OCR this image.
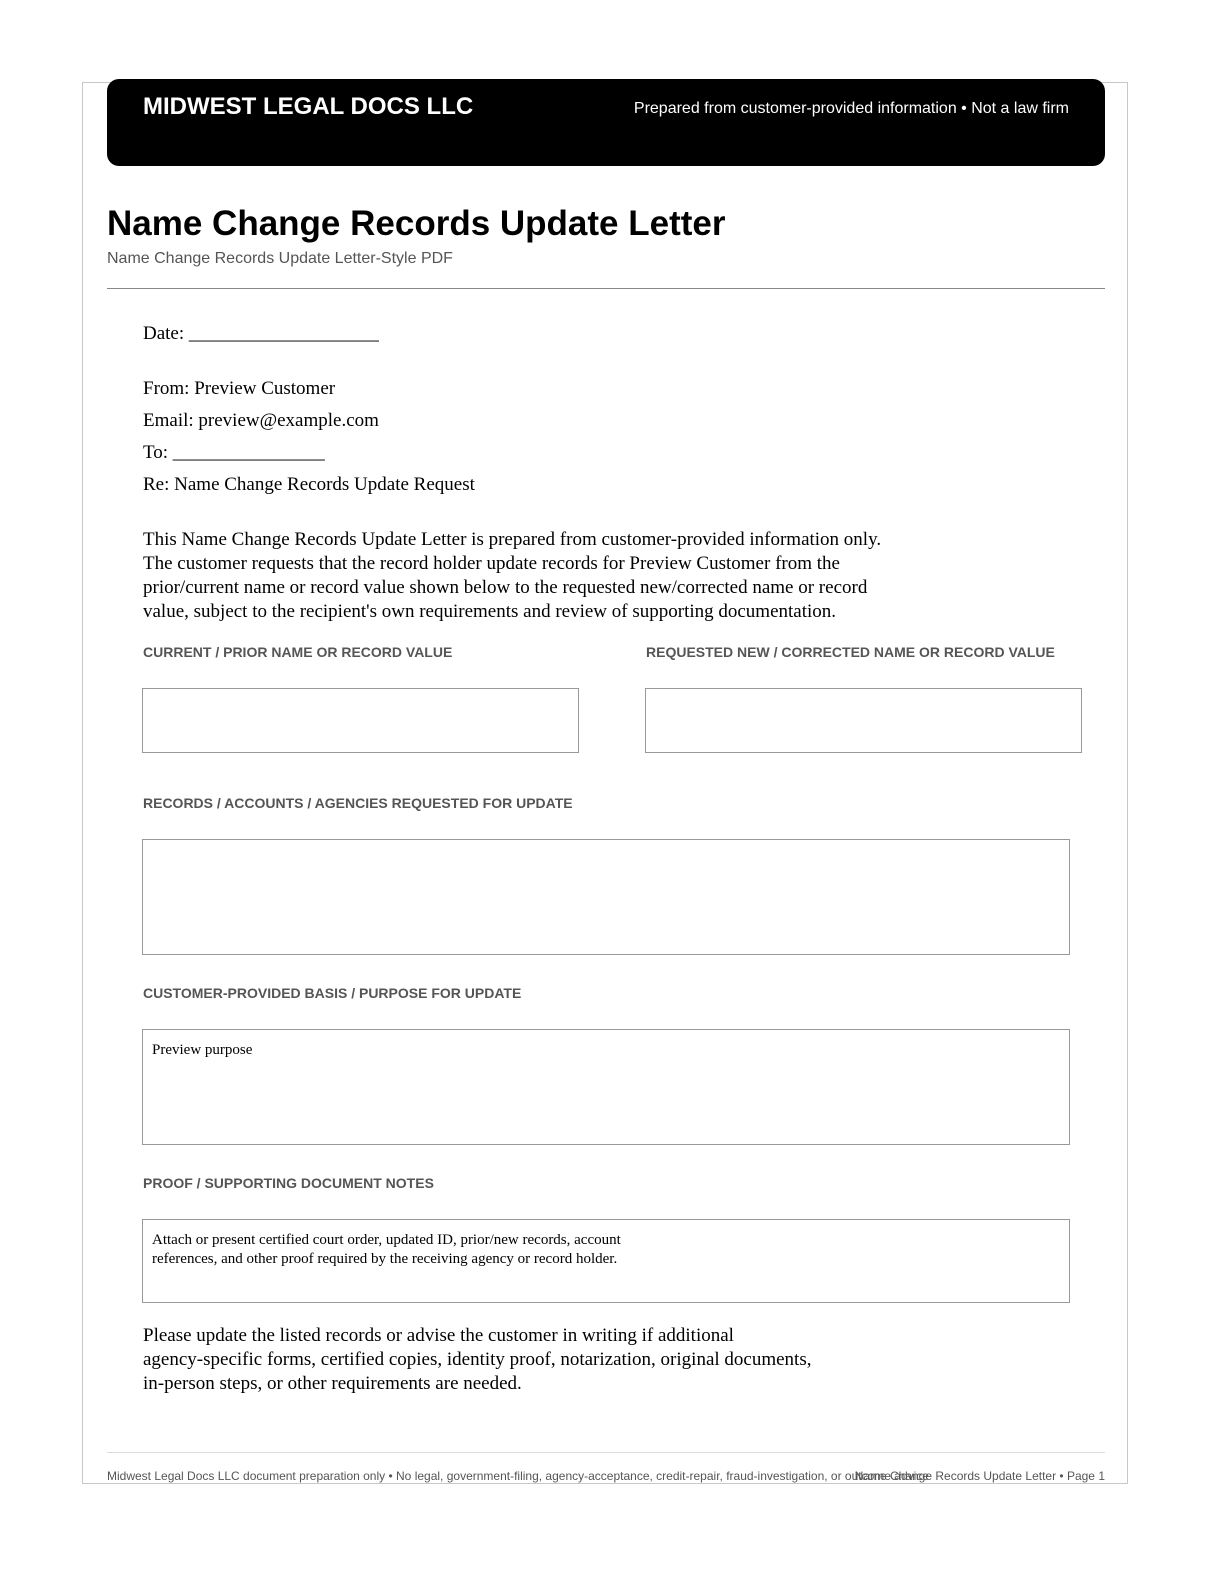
MIDWEST LEGAL DOCS LLC	Prepared from customer-provided information • Not a law firm
Name Change Records Update Letter
Name Change Records Update Letter-Style PDF
Date: ____________________
From: Preview Customer
Email: preview@example.com
To: ________________
Re: Name Change Records Update Request
This Name Change Records Update Letter is prepared from customer-provided information only.
The customer requests that the record holder update records for Preview Customer from the
prior/current name or record value shown below to the requested new/corrected name or record
value, subject to the recipient's own requirements and review of supporting documentation.
CURRENT / PRIOR NAME OR RECORD VALUE	REQUESTED NEW / CORRECTED NAME OR RECORD VALUE

RECORDS / ACCOUNTS / AGENCIES REQUESTED FOR UPDATE

CUSTOMER-PROVIDED BASIS / PURPOSE FOR UPDATE

Preview purpose

PROOF / SUPPORTING DOCUMENT NOTES
Attach or present certified court order, updated ID, prior/new records, account
references, and other proof required by the receiving agency or record holder.
Please update the listed records or advise the customer in writing if additional
agency-specific forms, certified copies, identity proof, notarization, original documents,
in-person steps, or other requirements are needed.
Midwest Legal Docs LLC document preparation only • No legal, government-filing, agency-acceptance, credit-repair, fraud-investigation, or outcome advice
Name Change Records Update Letter • Page 1
